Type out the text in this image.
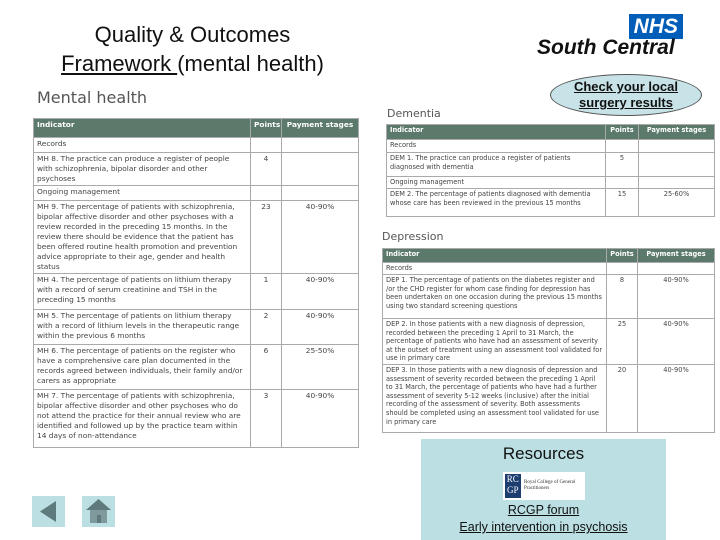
Quality & Outcomes
Framework (mental health)
NHS
South Central
Check your local
surgery results
Mental health
Indicator	Points	Payment stages
Records		
MH 8. The practice can produce a register of people with schizophrenia, bipolar disorder and other psychoses	4	
Ongoing management		
MH 9. The percentage of patients with schizophrenia, bipolar affective disorder and other psychoses with a review recorded in the preceding 15 months. In the review there should be evidence that the patient has been offered routine health promotion and prevention advice appropriate to their age, gender and health status	23	40-90%
MH 4. The percentage of patients on lithium therapy with a record of serum creatinine and TSH in the preceding 15 months	1	40-90%
MH 5. The percentage of patients on lithium therapy with a record of lithium levels in the therapeutic range within the previous 6 months	2	40-90%
MH 6. The percentage of patients on the register who have a comprehensive care plan documented in the records agreed between individuals, their family and/or carers as appropriate	6	25-50%
MH 7. The percentage of patients with schizophrenia, bipolar affective disorder and other psychoses who do not attend the practice for their annual review who are identified and followed up by the practice team within 14 days of non-attendance	3	40-90%
Dementia
Indicator	Points	Payment stages
Records		
DEM 1. The practice can produce a register of patients diagnosed with dementia	5	
Ongoing management		
DEM 2. The percentage of patients diagnosed with dementia whose care has been reviewed in the previous 15 months	15	25-60%
Depression
Indicator	Points	Payment stages
Records		
DEP 1. The percentage of patients on the diabetes register and /or the CHD register for whom case finding for depression has been undertaken on one occasion during the previous 15 months using two standard screening questions	8	40-90%
DEP 2. In those patients with a new diagnosis of depression, recorded between the preceding 1 April to 31 March, the percentage of patients who have had an assessment of severity at the outset of treatment using an assessment tool validated for use in primary care	25	40-90%
DEP 3. In those patients with a new diagnosis of depression and assessment of severity recorded between the preceding 1 April to 31 March, the percentage of patients who have had a further assessment of severity 5-12 weeks (inclusive) after the initial recording of the assessment of severity. Both assessments should be completed using an assessment tool validated for use in primary care	20	40-90%
Resources
RC GP
Royal College of General Practitioners
RCGP forum
Early intervention in psychosis
